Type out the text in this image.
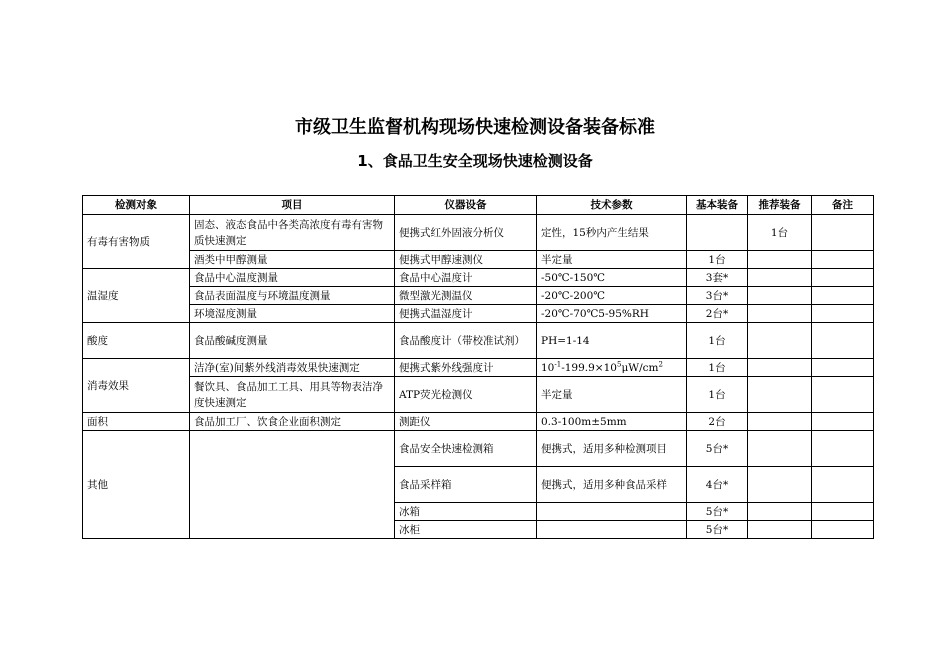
市级卫生监督机构现场快速检测设备装备标准
1、食品卫生安全现场快速检测设备
检测对象	项目	仪器设备	技术参数	基本装备	推荐装备	备注
有毒有害物质	固态、液态食品中各类高浓度有毒有害物质快速测定	便携式红外固液分析仪	定性，15秒内产生结果		1台	
	酒类中甲醇测量	便携式甲醇速测仪	半定量	1台		
温湿度	食品中心温度测量	食品中心温度计	-50℃-150℃	3套*		
	食品表面温度与环境温度测量	微型激光测温仪	-20℃-200℃	3台*		
	环境湿度测量	便携式温湿度计	-20℃-70℃5-95%RH	2台*		
酸度	食品酸碱度测量	食品酸度计（带校准试剂）	PH=1-14	1台		
消毒效果	洁净(室)间紫外线消毒效果快速测定	便携式紫外线强度计	$10^{-1}-199.9\times 10^5\mu W/cm^2$	1台		
	餐饮具、食品加工工具、用具等物表洁净度快速测定	ATP荧光检测仪	半定量	1台		
面积	食品加工厂、饮食企业面积测定	测距仪	0.3-100m±5mm	2台		
其他		食品安全快速检测箱	便携式，适用多种检测项目	5台*		
		食品采样箱	便携式，适用多种食品采样	4台*		
		冰箱		5台*		
		冰柜		5台*		
